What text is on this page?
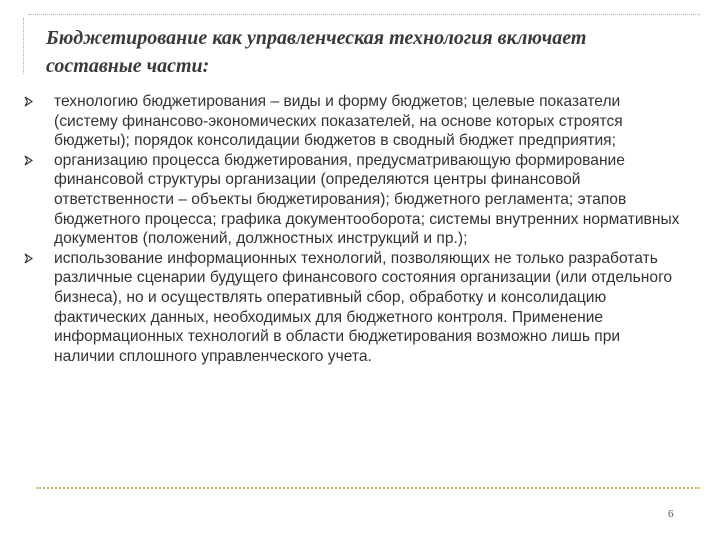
Бюджетирование как управленческая технология включает
составные части:
технологию бюджетирования – виды и форму бюджетов; целевые показатели (систему финансово-экономических показателей, на основе которых строятся бюджеты); порядок консолидации бюджетов в сводный бюджет предприятия;
организацию процесса бюджетирования, предусматривающую формирование финансовой структуры организации (определяются центры финансовой ответственности – объекты бюджетирования); бюджетного регламента; этапов бюджетного процесса; графика документооборота; системы внутренних нормативных документов (положений, должностных инструкций и пр.);
использование информационных технологий, позволяющих не только разработать различные сценарии будущего финансового состояния организации (или отдельного бизнеса), но и осуществлять оперативный сбор, обработку и консолидацию фактических данных, необходимых для бюджетного контроля. Применение информационных технологий в области бюджетирования возможно лишь при наличии сплошного управленческого учета.
6
